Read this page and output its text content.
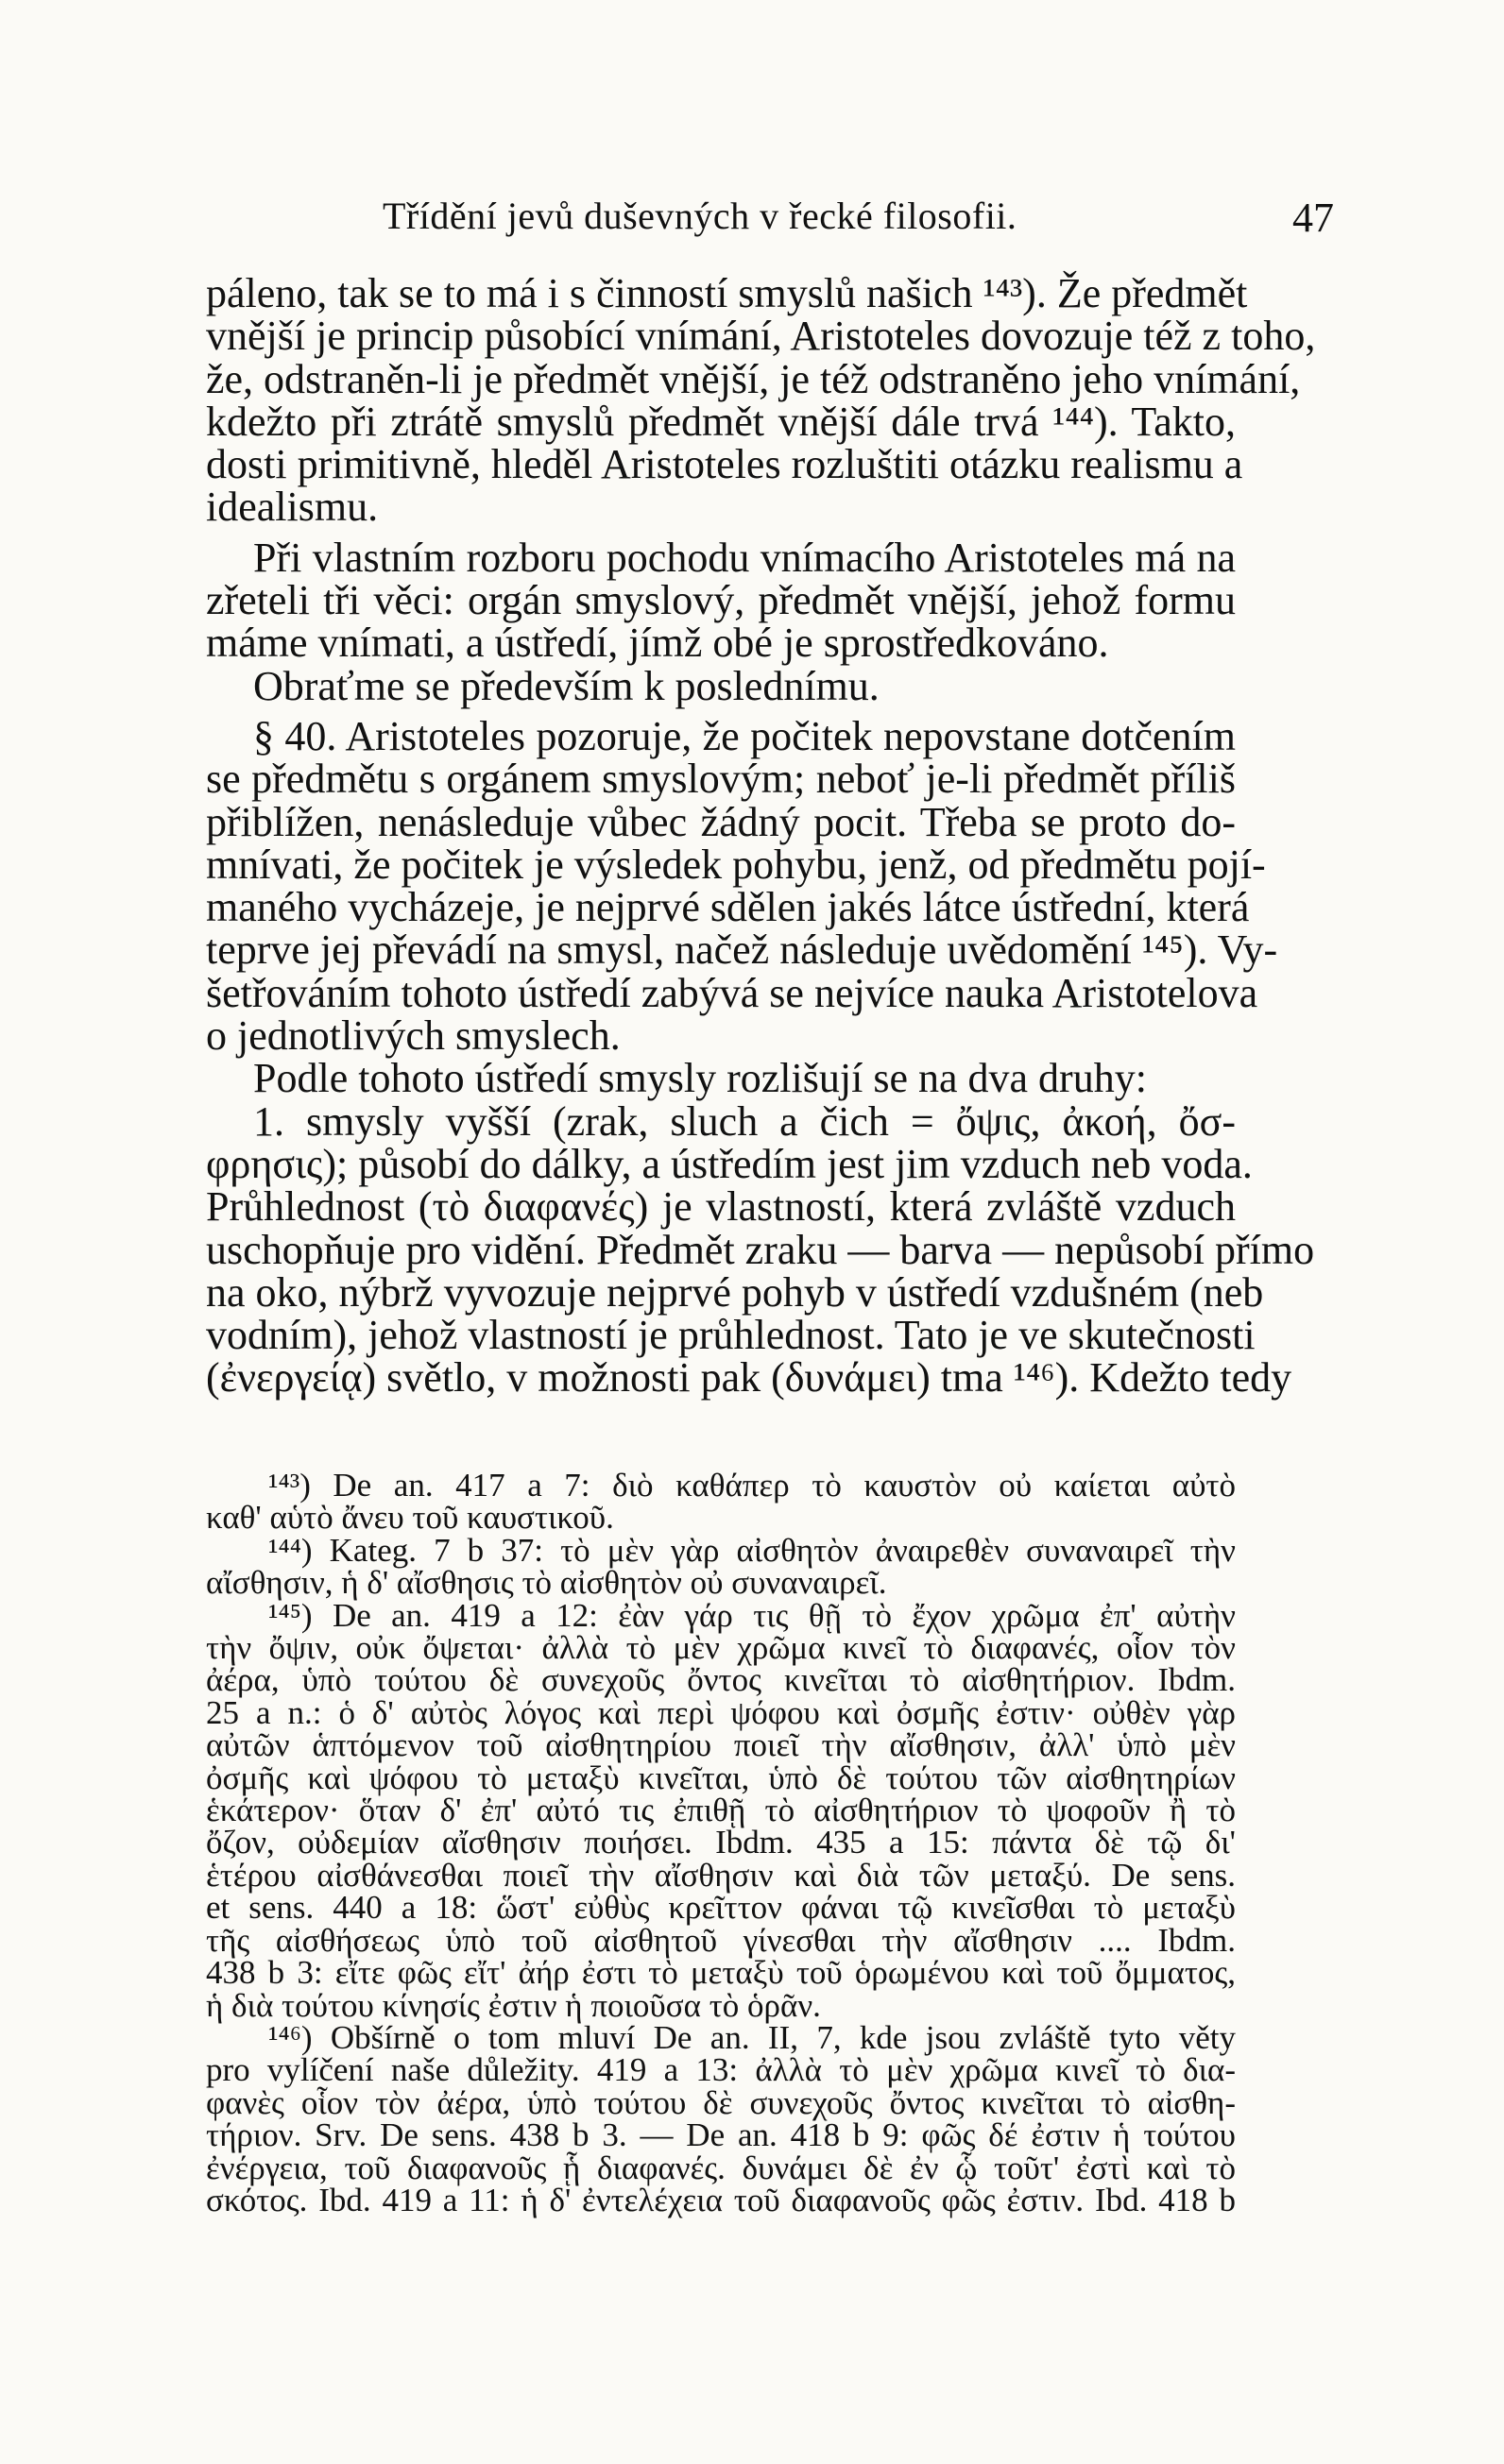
Třídění jevů duševných v řecké filosofii.	47

páleno, tak se to má i s činností smyslů našich ¹⁴³). Že předmět

vnější je princip působící vnímání, Aristoteles dovozuje též z toho,

že, odstraněn-li je předmět vnější, je též odstraněno jeho vnímání,

kdežto při ztrátě smyslů předmět vnější dále trvá ¹⁴⁴). Takto,

dosti primitivně, hleděl Aristoteles rozluštiti otázku realismu a

idealismu.

Při vlastním rozboru pochodu vnímacího Aristoteles má na

zřeteli tři věci: orgán smyslový, předmět vnější, jehož formu

máme vnímati, a ústředí, jímž obé je sprostředkováno.

Obraťme se především k poslednímu.

§ 40. Aristoteles pozoruje, že počitek nepovstane dotčením

se předmětu s orgánem smyslovým; neboť je-li předmět příliš

přiblížen, nenásleduje vůbec žádný pocit. Třeba se proto do-

mnívati, že počitek je výsledek pohybu, jenž, od předmětu pojí-

maného vycházeje, je nejprvé sdělen jakés látce ústřední, která

teprve jej převádí na smysl, načež následuje uvědomění ¹⁴⁵). Vy-

šetřováním tohoto ústředí zabývá se nejvíce nauka Aristotelova

o jednotlivých smyslech.

Podle tohoto ústředí smysly rozlišují se na dva druhy:

1. smysly vyšší (zrak, sluch a čich = ὄψις, ἀκοή, ὄσ-

φρησις); působí do dálky, a ústředím jest jim vzduch neb voda.

Průhlednost (τὸ διαφανές) je vlastností, která zvláště vzduch

uschopňuje pro vidění. Předmět zraku — barva — nepůsobí přímo

na oko, nýbrž vyvozuje nejprvé pohyb v ústředí vzdušném (neb

vodním), jehož vlastností je průhlednost. Tato je ve skutečnosti

(ἐνεργείᾳ) světlo, v možnosti pak (δυνάμει) tma ¹⁴⁶). Kdežto tedy

¹⁴³) De an. 417 a 7: διὸ καθάπερ τὸ καυστὸν οὐ καίεται αὐτὸ

καθ' αὑτὸ ἄνευ τοῦ καυστικοῦ.

¹⁴⁴) Kateg. 7 b 37: τὸ μὲν γὰρ αἰσθητὸν ἀναιρεθὲν συναναιρεῖ τὴν

αἴσθησιν, ἡ δ' αἴσθησις τὸ αἰσθητὸν οὐ συναναιρεῖ.

¹⁴⁵) De an. 419 a 12: ἐὰν γάρ τις θῇ τὸ ἔχον χρῶμα ἐπ' αὐτὴν

τὴν ὄψιν, οὐκ ὄψεται· ἀλλὰ τὸ μὲν χρῶμα κινεῖ τὸ διαφανές, οἷον τὸν

ἀέρα, ὑπὸ τούτου δὲ συνεχοῦς ὄντος κινεῖται τὸ αἰσθητήριον. Ibdm.

25 a n.: ὁ δ' αὐτὸς λόγος καὶ περὶ ψόφου καὶ ὀσμῆς ἐστιν· οὐθὲν γὰρ

αὐτῶν ἁπτόμενον τοῦ αἰσθητηρίου ποιεῖ τὴν αἴσθησιν, ἀλλ' ὑπὸ μὲν

ὀσμῆς καὶ ψόφου τὸ μεταξὺ κινεῖται, ὑπὸ δὲ τούτου τῶν αἰσθητηρίων

ἑκάτερον· ὅταν δ' ἐπ' αὐτό τις ἐπιθῇ τὸ αἰσθητήριον τὸ ψοφοῦν ἢ τὸ

ὄζον, οὐδεμίαν αἴσθησιν ποιήσει. Ibdm. 435 a 15: πάντα δὲ τῷ δι'

ἑτέρου αἰσθάνεσθαι ποιεῖ τὴν αἴσθησιν καὶ διὰ τῶν μεταξύ. De sens.

et sens. 440 a 18: ὥστ' εὐθὺς κρεῖττον φάναι τῷ κινεῖσθαι τὸ μεταξὺ

τῆς αἰσθήσεως ὑπὸ τοῦ αἰσθητοῦ γίνεσθαι τὴν αἴσθησιν .... Ibdm.

438 b 3: εἴτε φῶς εἴτ' ἀήρ ἐστι τὸ μεταξὺ τοῦ ὁρωμένου καὶ τοῦ ὄμματος,

ἡ διὰ τούτου κίνησίς ἐστιν ἡ ποιοῦσα τὸ ὁρᾶν.

¹⁴⁶) Obšírně o tom mluví De an. II, 7, kde jsou zvláště tyto věty

pro vylíčení naše důležity. 419 a 13: ἀλλὰ τὸ μὲν χρῶμα κινεῖ τὸ δια-

φανὲς οἷον τὸν ἀέρα, ὑπὸ τούτου δὲ συνεχοῦς ὄντος κινεῖται τὸ αἰσθη-

τήριον. Srv. De sens. 438 b 3. — De an. 418 b 9: φῶς δέ ἐστιν ἡ τούτου

ἐνέργεια, τοῦ διαφανοῦς ᾗ διαφανές. δυνάμει δὲ ἐν ᾧ τοῦτ' ἐστὶ καὶ τὸ

σκότος. Ibd. 419 a 11: ἡ δ' ἐντελέχεια τοῦ διαφανοῦς φῶς ἐστιν. Ibd. 418 b
